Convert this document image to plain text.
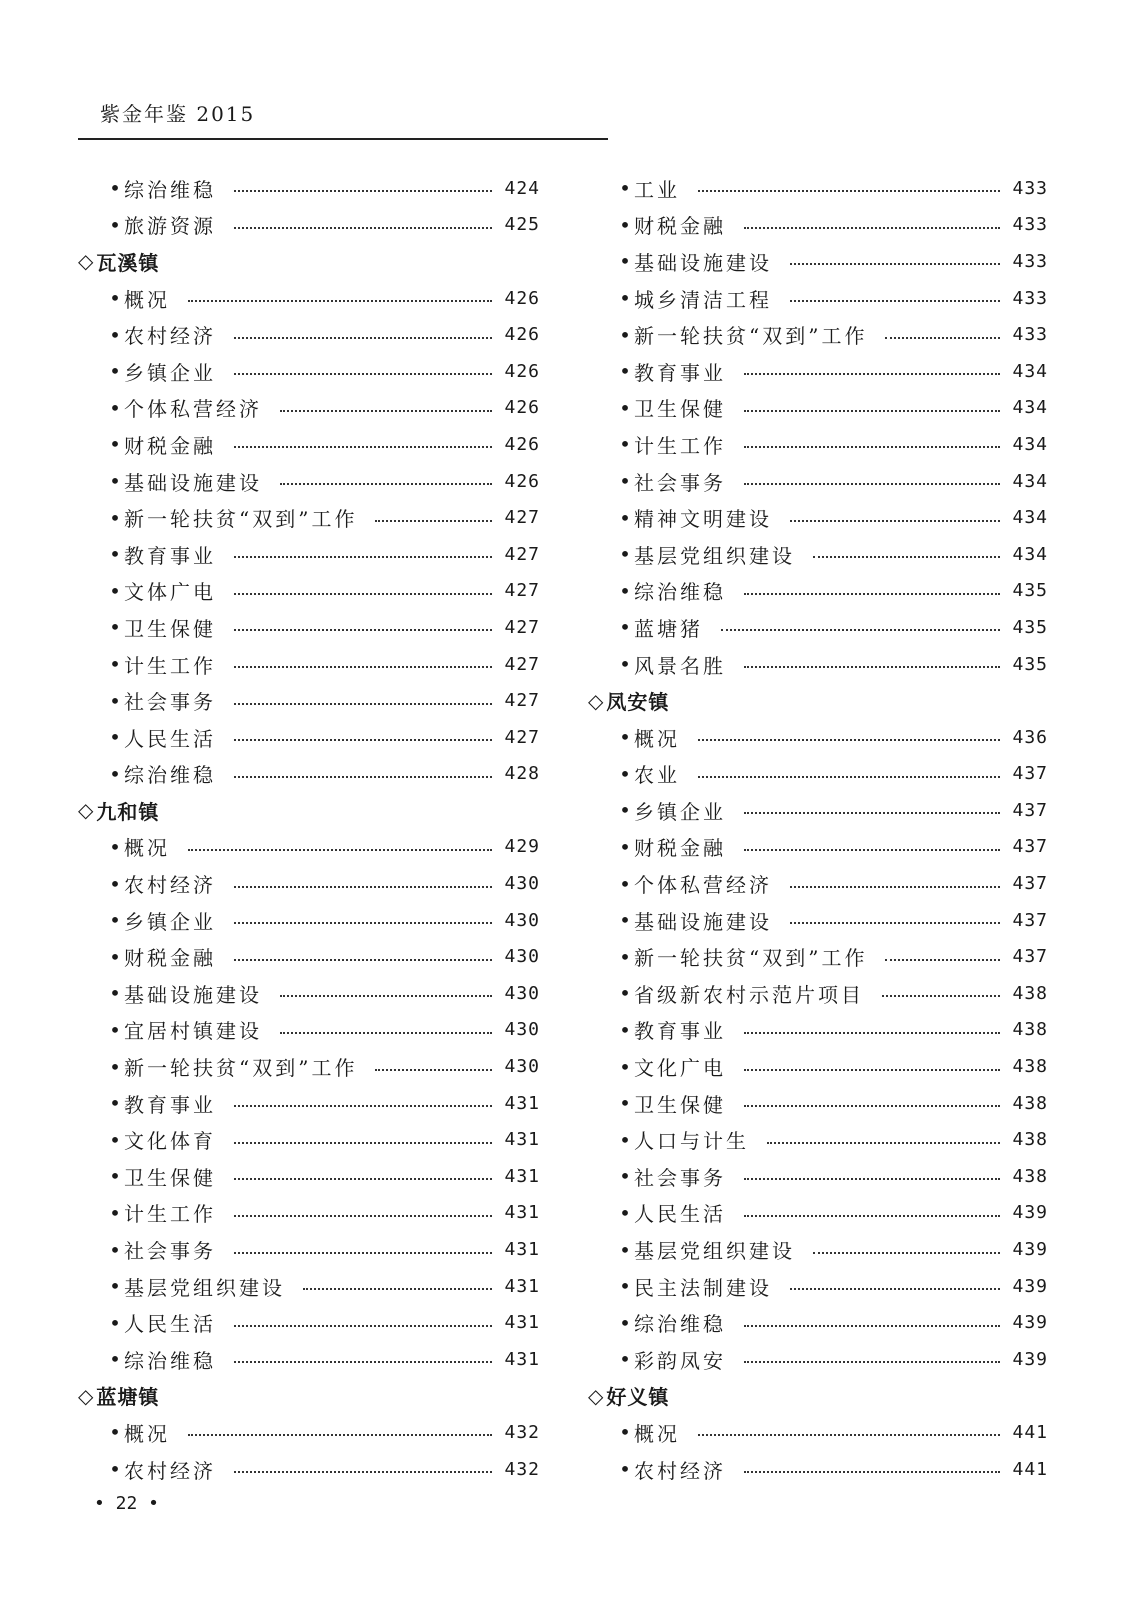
紫金年鉴 2015
• 综治维稳	424
• 旅游资源	425
◇ 瓦溪镇
• 概况	426
• 农村经济	426
• 乡镇企业	426
• 个体私营经济	426
• 财税金融	426
• 基础设施建设	426
• 新一轮扶贫“双到”工作	427
• 教育事业	427
• 文体广电	427
• 卫生保健	427
• 计生工作	427
• 社会事务	427
• 人民生活	427
• 综治维稳	428
◇ 九和镇
• 概况	429
• 农村经济	430
• 乡镇企业	430
• 财税金融	430
• 基础设施建设	430
• 宜居村镇建设	430
• 新一轮扶贫“双到”工作	430
• 教育事业	431
• 文化体育	431
• 卫生保健	431
• 计生工作	431
• 社会事务	431
• 基层党组织建设	431
• 人民生活	431
• 综治维稳	431
◇ 蓝塘镇
• 概况	432
• 农村经济	432
• 工业	433
• 财税金融	433
• 基础设施建设	433
• 城乡清洁工程	433
• 新一轮扶贫“双到”工作	433
• 教育事业	434
• 卫生保健	434
• 计生工作	434
• 社会事务	434
• 精神文明建设	434
• 基层党组织建设	434
• 综治维稳	435
• 蓝塘猪	435
• 风景名胜	435
◇ 凤安镇
• 概况	436
• 农业	437
• 乡镇企业	437
• 财税金融	437
• 个体私营经济	437
• 基础设施建设	437
• 新一轮扶贫“双到”工作	437
• 省级新农村示范片项目	438
• 教育事业	438
• 文化广电	438
• 卫生保健	438
• 人口与计生	438
• 社会事务	438
• 人民生活	439
• 基层党组织建设	439
• 民主法制建设	439
• 综治维稳	439
• 彩韵凤安	439
◇ 好义镇
• 概况	441
• 农村经济	441
• 22 •
